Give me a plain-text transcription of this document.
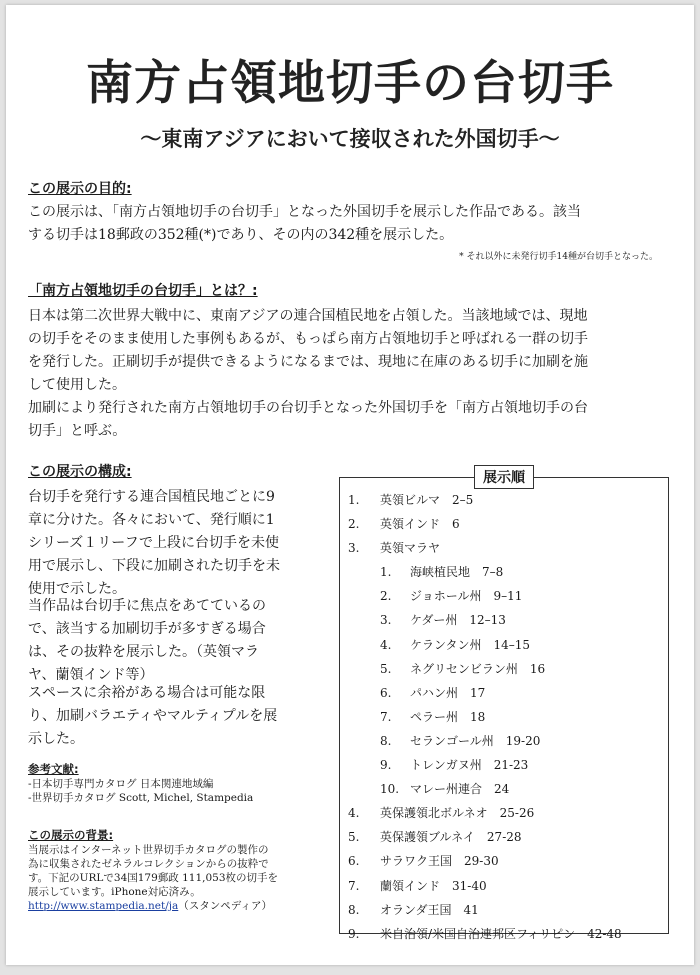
南方占領地切手の台切手
〜東南アジアにおいて接収された外国切手〜
この展示の目的:

この展示は、「南方占領地切手の台切手」となった外国切手を展示した作品である。該当
する切手は18郵政の352種(*)であり、その内の342種を展示した。

* それ以外に未発行切手14種が台切手となった。
「南方占領地切手の台切手」とは？:

日本は第二次世界大戦中に、東南アジアの連合国植民地を占領した。当該地域では、現地
の切手をそのまま使用した事例もあるが、もっぱら南方占領地切手と呼ばれる一群の切手
を発行した。正刷切手が提供できるようになるまでは、現地に在庫のある切手に加刷を施
して使用した。

加刷により発行された南方占領地切手の台切手となった外国切手を「南方占領地切手の台
切手」と呼ぶ。

この展示の構成:

台切手を発行する連合国植民地ごとに9
章に分けた。各々において、発行順に1
シリーズ１リーフで上段に台切手を未使
用で展示し、下段に加刷された切手を未
使用で示した。

当作品は台切手に焦点をあてているの
で、該当する加刷切手が多すぎる場合
は、その抜粋を展示した。（英領マラ
ヤ、蘭領インド等）

スペースに余裕がある場合は可能な限
り、加刷バラエティやマルティプルを展
示した。

参考文献:

-日本切手専門カタログ 日本関連地域編
-世界切手カタログ Scott, Michel, Stampedia

この展示の背景:

当展示はインターネット世界切手カタログの製作の
為に収集されたゼネラルコレクションからの抜粋で
す。下記のURLで34国179郵政 111,053枚の切手を
展示しています。iPhone対応済み。
http://www.stampedia.net/ja（スタンペディア）

展示順
1. 英領ビルマ　2–5
2. 英領インド　6
3. 英領マラヤ
1. 海峡植民地　7–8
2. ジョホール州　9–11
3. ケダー州　12–13
4. ケランタン州　14–15
5. ネグリセンビラン州　16
6. パハン州　17
7. ペラー州　18
8. セランゴール州　19-20
9. トレンガヌ州　21-23
10. マレー州連合　24
4. 英保護領北ボルネオ　25-26
5. 英保護領ブルネイ　27-28
6. サラワク王国　29-30
7. 蘭領インド　31-40
8. オランダ王国　41
9. 米自治領/米国自治連邦区フィリピン　42-48
